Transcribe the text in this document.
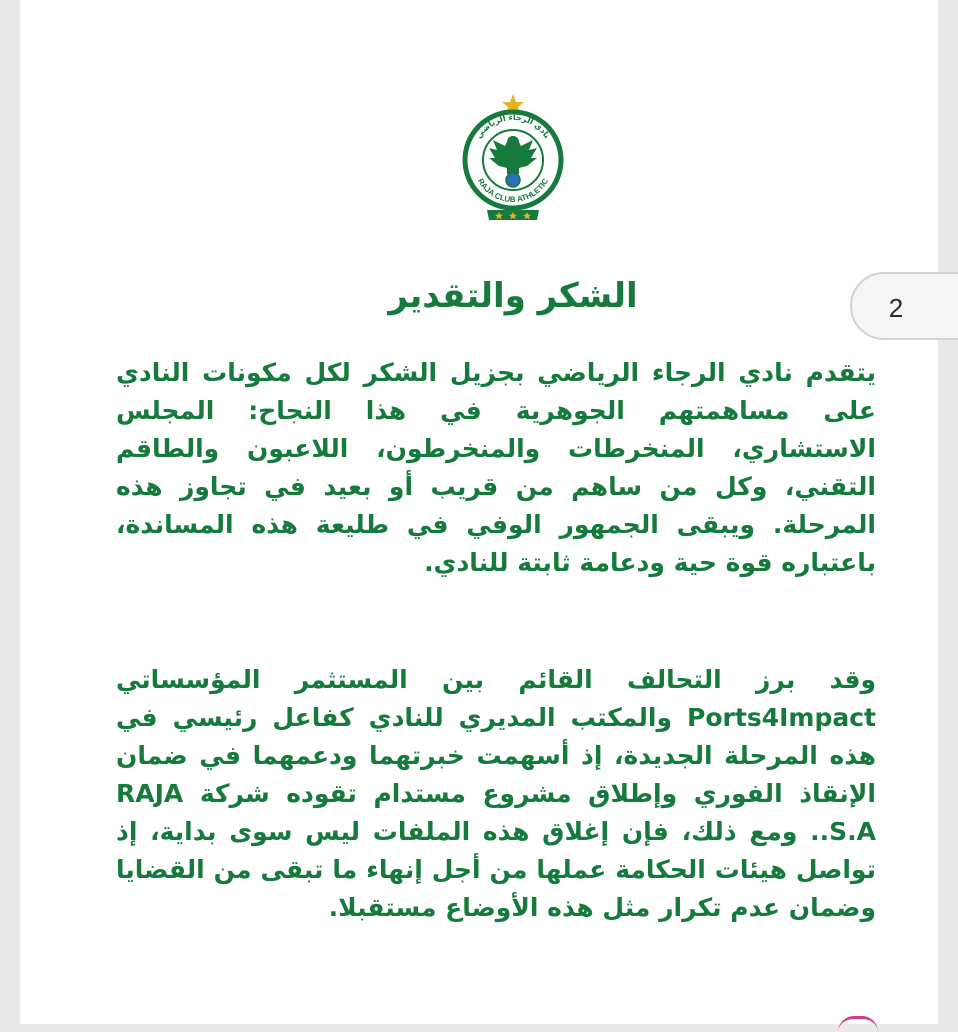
نادي الرجاء الرياضي
RAJA CLUB ATHLETIC
2
الشكر والتقدير
يتقدم نادي الرجاء الرياضي بجزيل الشكر لكل مكونات النادي على مساهمتهم الجوهرية في هذا النجاح: المجلس الاستشاري، المنخرطات والمنخرطون، اللاعبون والطاقم التقني، وكل من ساهم من قريب أو بعيد في تجاوز هذه المرحلة. ويبقى الجمهور الوفي في طليعة هذه المساندة، باعتباره قوة حية ودعامة ثابتة للنادي.
وقد برز التحالف القائم بين المستثمر المؤسساتي Ports4Impact والمكتب المديري للنادي كفاعل رئيسي في هذه المرحلة الجديدة، إذ أسهمت خبرتهما ودعمهما في ضمان الإنقاذ الفوري وإطلاق مشروع مستدام تقوده شركة RAJA S.A.. ومع ذلك، فإن إغلاق هذه الملفات ليس سوى بداية، إذ تواصل هيئات الحكامة عملها من أجل إنهاء ما تبقى من القضايا وضمان عدم تكرار مثل هذه الأوضاع مستقبلا.
